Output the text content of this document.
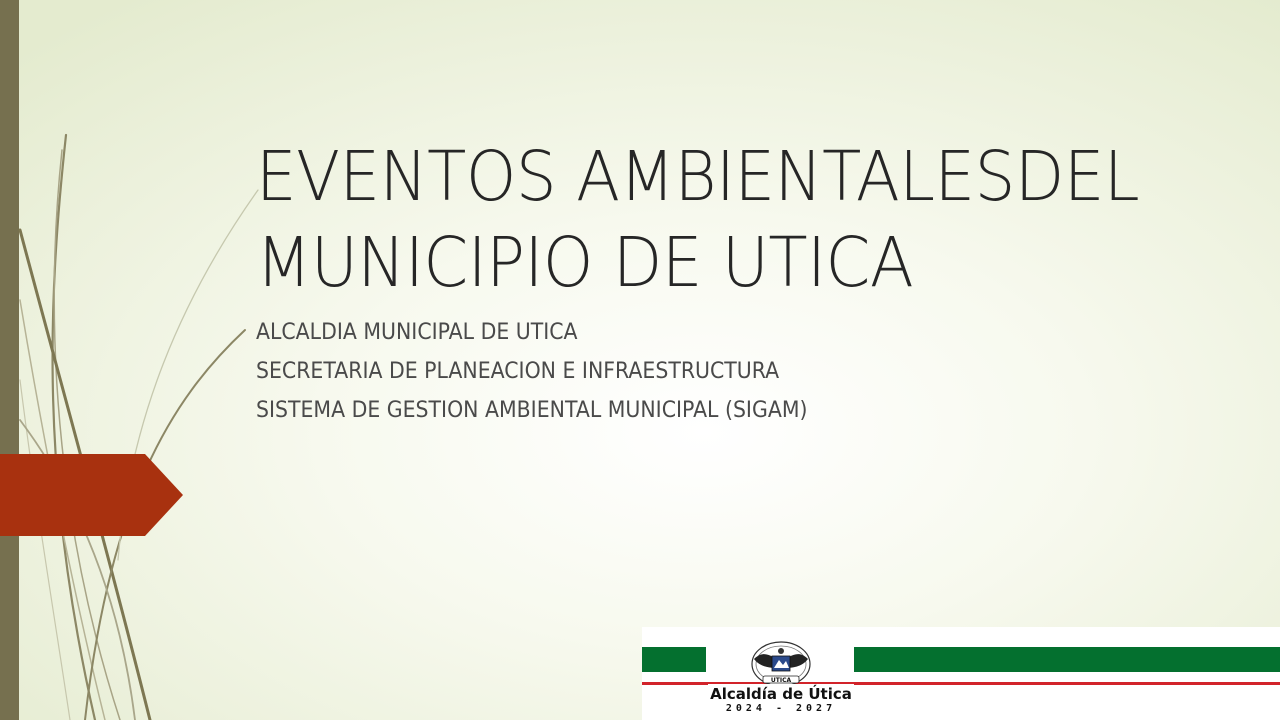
EVENTOS AMBIENTALESDEL
MUNICIPIO DE UTICA
ALCALDIA MUNICIPAL DE UTICA
SECRETARIA DE PLANEACION E INFRAESTRUCTURA
SISTEMA DE GESTION AMBIENTAL MUNICIPAL (SIGAM)
UTICA
Alcaldía de Útica
2024 - 2027
